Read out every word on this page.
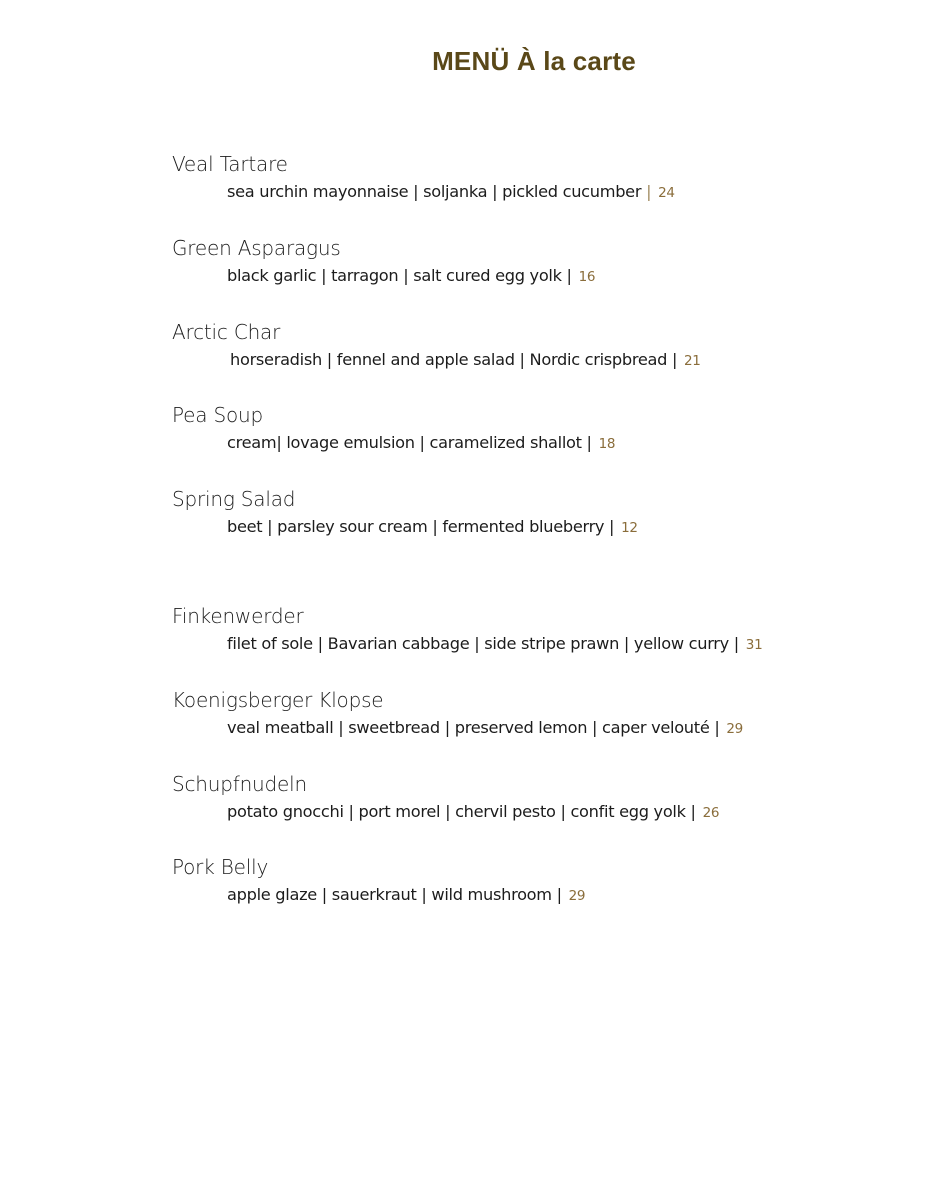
MENÜ À la carte
Veal Tartare
sea urchin mayonnaise | soljanka | pickled cucumber | 24
Green Asparagus
black garlic | tarragon | salt cured egg yolk | 16
Arctic Char
horseradish | fennel and apple salad | Nordic crispbread | 21
Pea Soup
cream| lovage emulsion | caramelized shallot | 18
Spring Salad
beet | parsley sour cream | fermented blueberry | 12
Finkenwerder
filet of sole | Bavarian cabbage | side stripe prawn | yellow curry | 31
Koenigsberger Klopse
veal meatball | sweetbread | preserved lemon | caper velouté | 29
Schupfnudeln
potato gnocchi | port morel | chervil pesto | confit egg yolk | 26
Pork Belly
apple glaze | sauerkraut | wild mushroom | 29
